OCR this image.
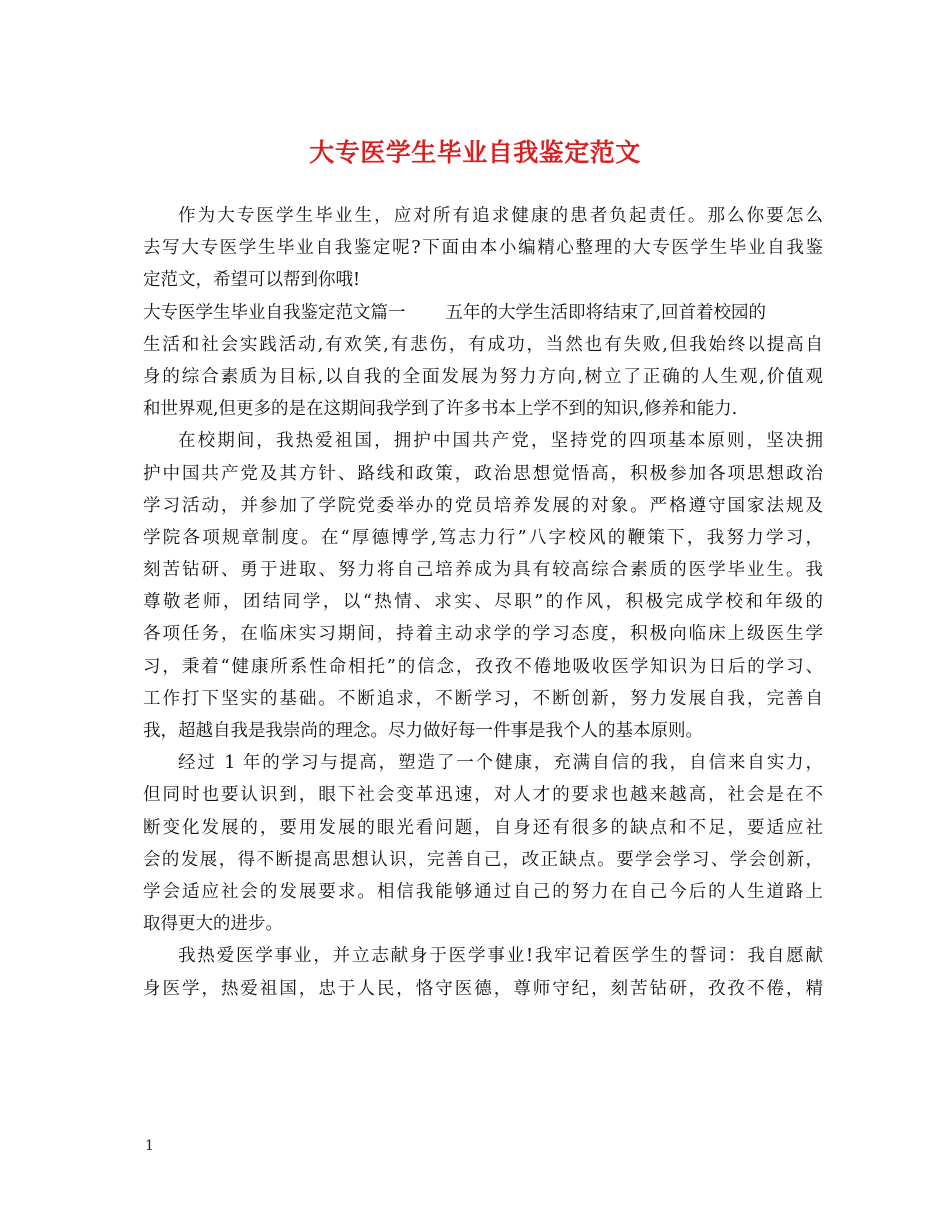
大专医学生毕业自我鉴定范文
作为大专医学生毕业生，应对所有追求健康的患者负起责任。那么你要怎么
去写大专医学生毕业自我鉴定呢?下面由本小编精心整理的大专医学生毕业自我鉴
定范文，希望可以帮到你哦!
大专医学生毕业自我鉴定范文篇一 五年的大学生活即将结束了,回首着校园的
生活和社会实践活动,有欢笑,有悲伤，有成功，当然也有失败,但我始终以提高自
身的综合素质为目标,以自我的全面发展为努力方向,树立了正确的人生观,价值观
和世界观,但更多的是在这期间我学到了许多书本上学不到的知识,修养和能力.
在校期间，我热爱祖国，拥护中国共产党，坚持党的四项基本原则，坚决拥
护中国共产党及其方针、路线和政策，政治思想觉悟高，积极参加各项思想政治
学习活动，并参加了学院党委举办的党员培养发展的对象。严格遵守国家法规及
学院各项规章制度。在“厚德博学,笃志力行”八字校风的鞭策下，我努力学习，
刻苦钻研、勇于进取、努力将自己培养成为具有较高综合素质的医学毕业生。我
尊敬老师，团结同学，以“热情、求实、尽职”的作风，积极完成学校和年级的
各项任务，在临床实习期间，持着主动求学的学习态度，积极向临床上级医生学
习，秉着“健康所系性命相托”的信念，孜孜不倦地吸收医学知识为日后的学习、
工作打下坚实的基础。不断追求，不断学习，不断创新，努力发展自我，完善自
我，超越自我是我崇尚的理念。尽力做好每一件事是我个人的基本原则。
经过 1 年的学习与提高，塑造了一个健康，充满自信的我，自信来自实力，
但同时也要认识到，眼下社会变革迅速，对人才的要求也越来越高，社会是在不
断变化发展的，要用发展的眼光看问题，自身还有很多的缺点和不足，要适应社
会的发展，得不断提高思想认识，完善自己，改正缺点。要学会学习、学会创新，
学会适应社会的发展要求。相信我能够通过自己的努力在自己今后的人生道路上
取得更大的进步。
我热爱医学事业，并立志献身于医学事业!我牢记着医学生的誓词：我自愿献
身医学，热爱祖国，忠于人民，恪守医德，尊师守纪，刻苦钻研，孜孜不倦，精
1
